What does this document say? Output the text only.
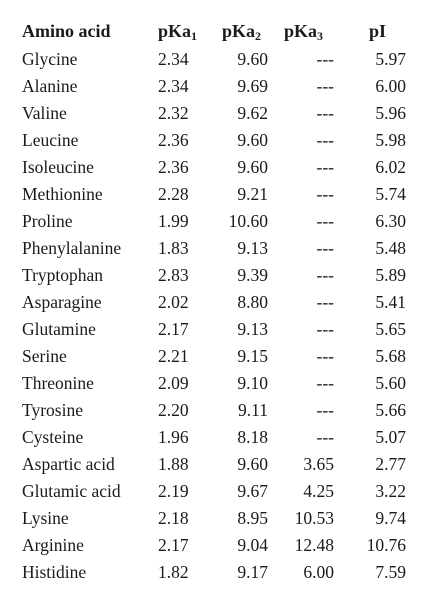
Amino acid	pKa$_1$	pKa$_2$	pKa$_3$	pI
Glycine	2.34	9.60	---	5.97
Alanine	2.34	9.69	---	6.00
Valine	2.32	9.62	---	5.96
Leucine	2.36	9.60	---	5.98
Isoleucine	2.36	9.60	---	6.02
Methionine	2.28	9.21	---	5.74
Proline	1.99	10.60	---	6.30
Phenylalanine	1.83	9.13	---	5.48
Tryptophan	2.83	9.39	---	5.89
Asparagine	2.02	8.80	---	5.41
Glutamine	2.17	9.13	---	5.65
Serine	2.21	9.15	---	5.68
Threonine	2.09	9.10	---	5.60
Tyrosine	2.20	9.11	---	5.66
Cysteine	1.96	8.18	---	5.07
Aspartic acid	1.88	9.60	3.65	2.77
Glutamic acid	2.19	9.67	4.25	3.22
Lysine	2.18	8.95	10.53	9.74
Arginine	2.17	9.04	12.48	10.76
Histidine	1.82	9.17	6.00	7.59
